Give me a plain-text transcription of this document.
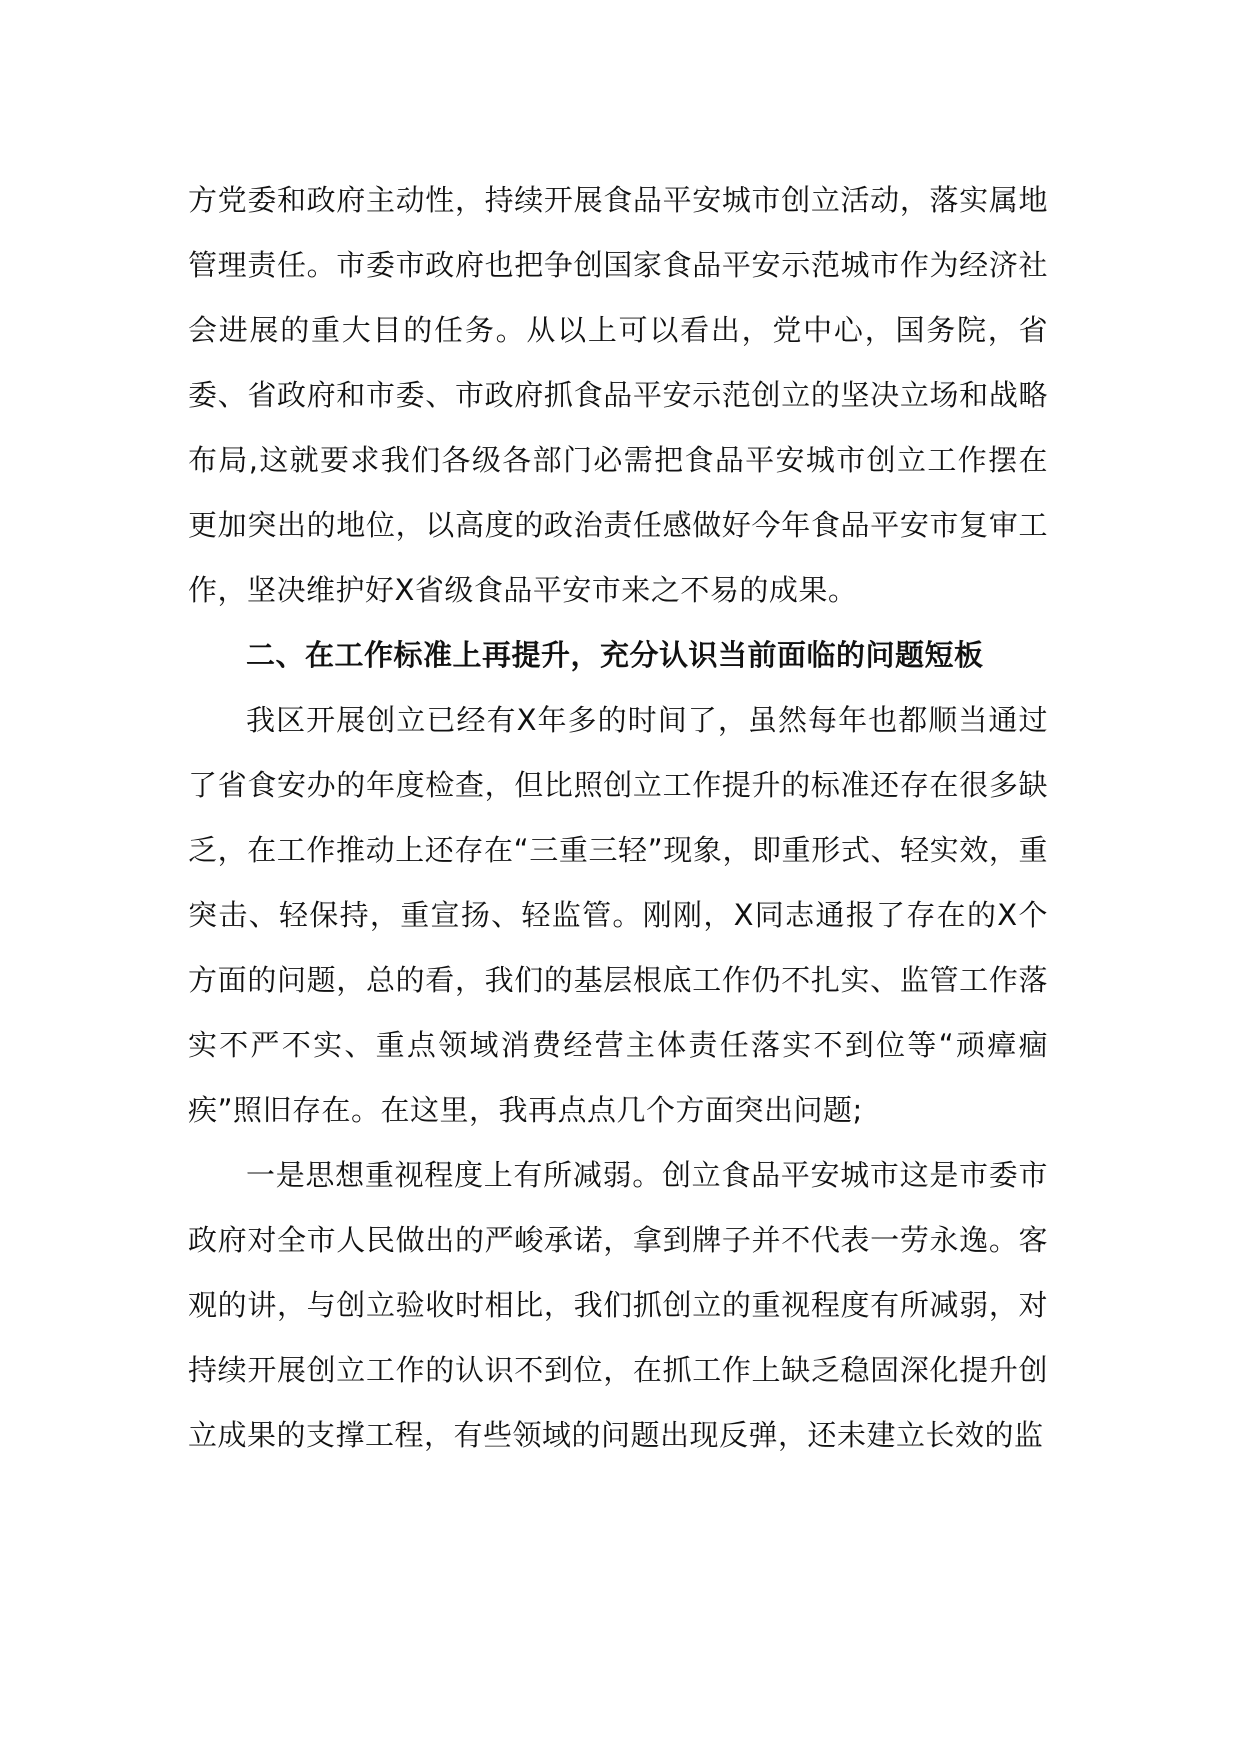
方党委和政府主动性，持续开展食品平安城市创立活动，落实属地管理责任。市委市政府也把争创国家食品平安示范城市作为经济社会进展的重大目的任务。从以上可以看出，党中心，国务院，省委、省政府和市委、市政府抓食品平安示范创立的坚决立场和战略布局,这就要求我们各级各部门必需把食品平安城市创立工作摆在更加突出的地位，以高度的政治责任感做好今年食品平安市复审工作，坚决维护好X省级食品平安市来之不易的成果。

二、在工作标准上再提升，充分认识当前面临的问题短板

我区开展创立已经有X年多的时间了，虽然每年也都顺当通过了省食安办的年度检查，但比照创立工作提升的标准还存在很多缺乏，在工作推动上还存在“三重三轻”现象，即重形式、轻实效，重突击、轻保持，重宣扬、轻监管。刚刚，X同志通报了存在的X个方面的问题，总的看，我们的基层根底工作仍不扎实、监管工作落实不严不实、重点领域消费经营主体责任落实不到位等“顽瘴痼疾”照旧存在。在这里，我再点点几个方面突出问题;

一是思想重视程度上有所减弱。创立食品平安城市这是市委市政府对全市人民做出的严峻承诺，拿到牌子并不代表一劳永逸。客观的讲，与创立验收时相比，我们抓创立的重视程度有所减弱，对持续开展创立工作的认识不到位，在抓工作上缺乏稳固深化提升创立成果的支撑工程，有些领域的问题出现反弹，还未建立长效的监
